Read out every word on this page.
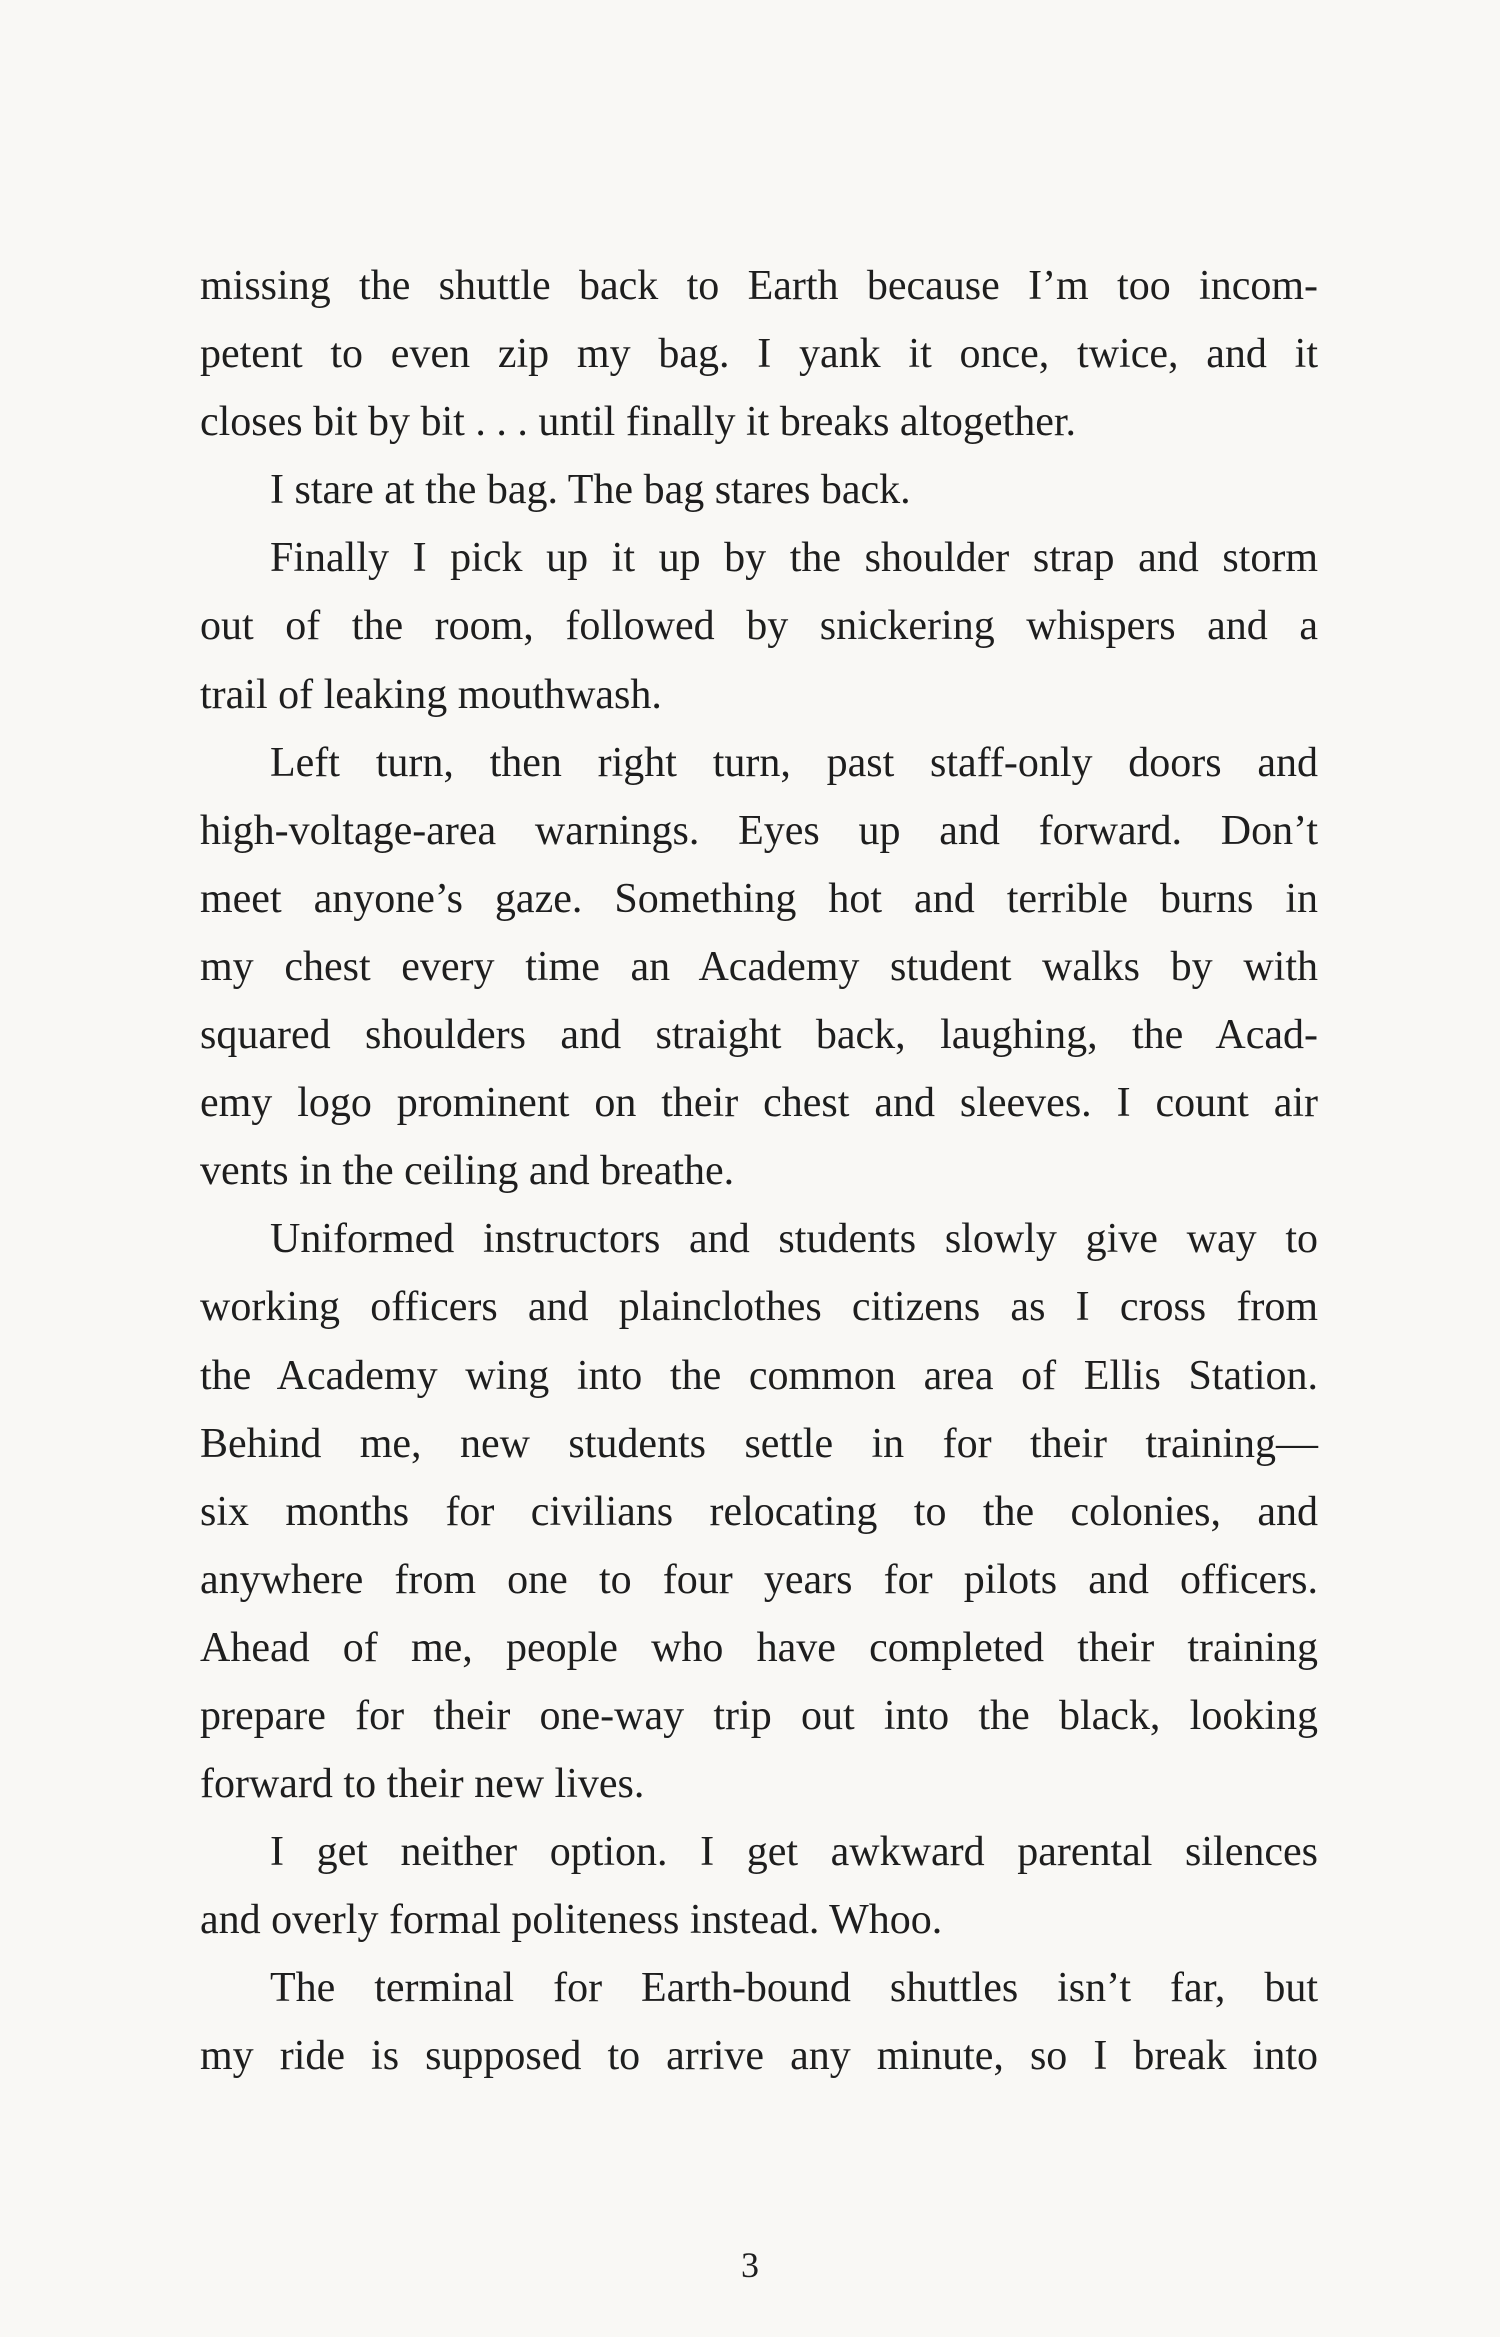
missing the shuttle back to Earth because I’m too incom-
petent to even zip my bag. I yank it once, twice, and it
closes bit by bit . . . until finally it breaks altogether.
I stare at the bag. The bag stares back.
Finally I pick up it up by the shoulder strap and storm
out of the room, followed by snickering whispers and a
trail of leaking mouthwash.
Left turn, then right turn, past staff-only doors and
high-voltage-area warnings. Eyes up and forward. Don’t
meet anyone’s gaze. Something hot and terrible burns in
my chest every time an Academy student walks by with
squared shoulders and straight back, laughing, the Acad-
emy logo prominent on their chest and sleeves. I count air
vents in the ceiling and breathe.
Uniformed instructors and students slowly give way to
working officers and plainclothes citizens as I cross from
the Academy wing into the common area of Ellis Station.
Behind me, new students settle in for their training—
six months for civilians relocating to the colonies, and
anywhere from one to four years for pilots and officers.
Ahead of me, people who have completed their training
prepare for their one-way trip out into the black, looking
forward to their new lives.
I get neither option. I get awkward parental silences
and overly formal politeness instead. Whoo.
The terminal for Earth-bound shuttles isn’t far, but
my ride is supposed to arrive any minute, so I break into
3
